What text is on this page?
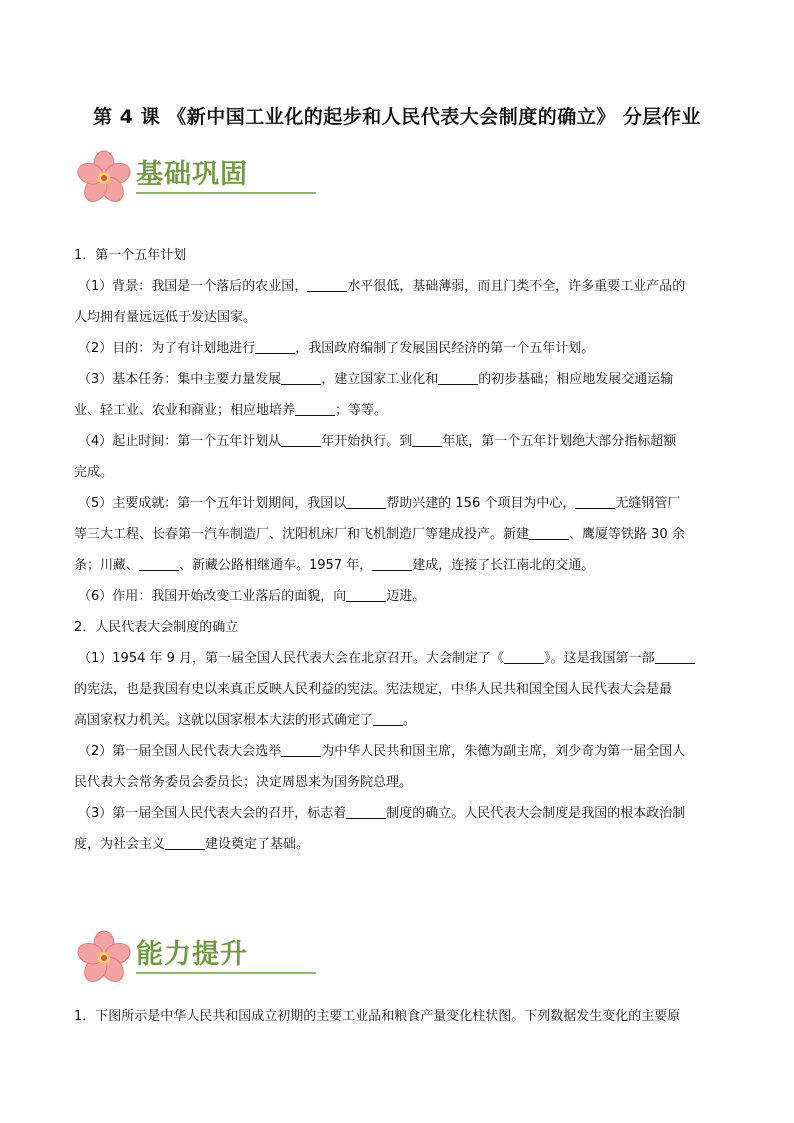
第 4 课 《新中国工业化的起步和人民代表大会制度的确立》 分层作业
基础巩固

1．第一个五年计划

（1）背景：我国是一个落后的农业国，	水平很低，基础薄弱，而且门类不全，许多重要工业产品的

人均拥有量远远低于发达国家。

（2）目的：为了有计划地进行	，我国政府编制了发展国民经济的第一个五年计划。

（3）基本任务：集中主要力量发展	，建立国家工业化和	的初步基础；相应地发展交通运输

业、轻工业、农业和商业；相应地培养	；等等。

（4）起止时间：第一个五年计划从	年开始执行。到 年底，第一个五年计划绝大部分指标超额

完成。

（5）主要成就：第一个五年计划期间，我国以	帮助兴建的 156 个项目为中心，	无缝钢管厂

等三大工程、长春第一汽车制造厂、沈阳机床厂和飞机制造厂等建成投产。新建	、鹰厦等铁路 30 余

条；川藏、	、新藏公路相继通车。1957 年，	建成，连接了长江南北的交通。

（6）作用：我国开始改变工业落后的面貌，向	迈进。

2．人民代表大会制度的确立

（1）1954 年 9 月，第一届全国人民代表大会在北京召开。大会制定了《	》。这是我国第一部

的宪法，也是我国有史以来真正反映人民利益的宪法。宪法规定，中华人民共和国全国人民代表大会是最

高国家权力机关。这就以国家根本大法的形式确定了 。

（2）第一届全国人民代表大会选举	为中华人民共和国主席，朱德为副主席，刘少奇为第一届全国人

民代表大会常务委员会委员长；决定周恩来为国务院总理。

（3）第一届全国人民代表大会的召开，标志着	制度的确立。人民代表大会制度是我国的根本政治制

度，为社会主义	建设奠定了基础。

能力提升

1．下图所示是中华人民共和国成立初期的主要工业品和粮食产量变化柱状图。下列数据发生变化的主要原
